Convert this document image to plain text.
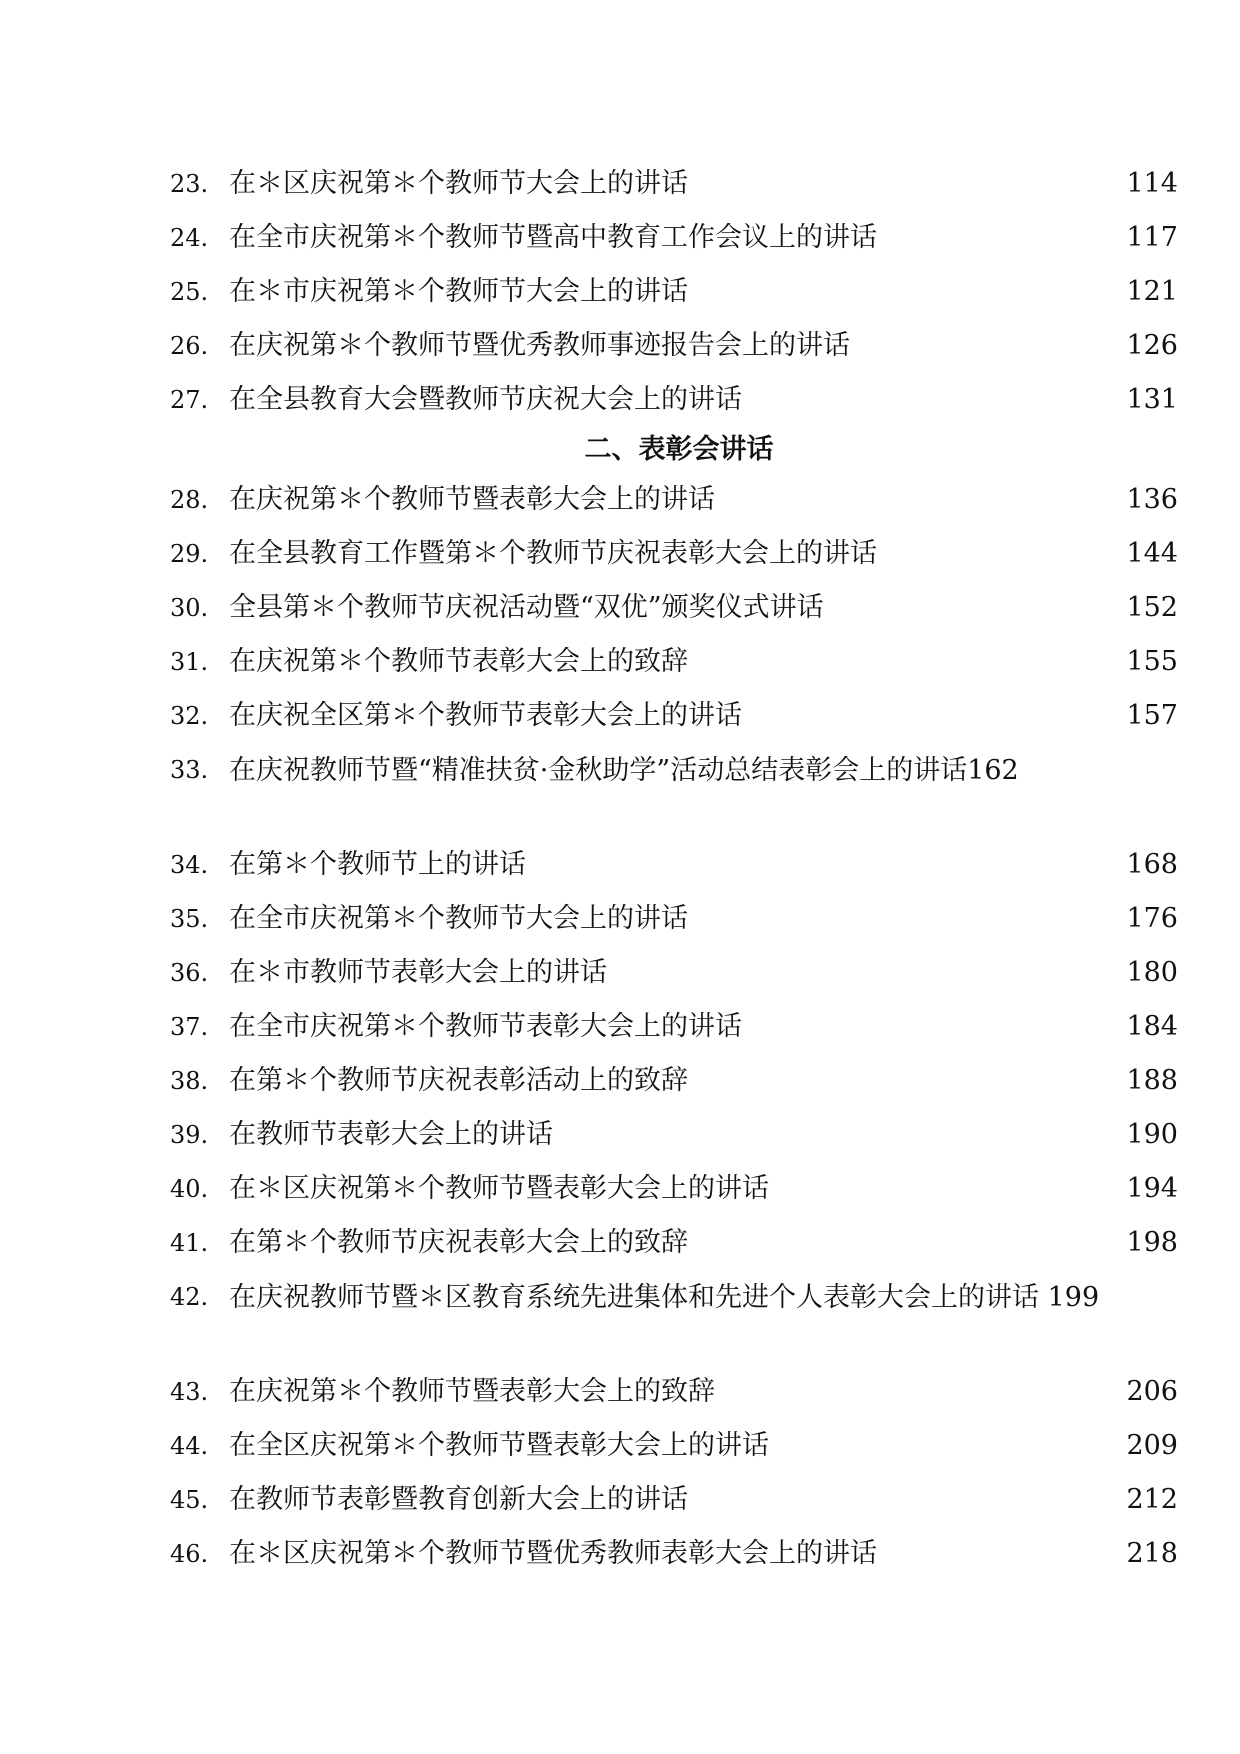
23. 在＊区庆祝第＊个教师节大会上的讲话	114
24. 在全市庆祝第＊个教师节暨高中教育工作会议上的讲话	117
25. 在＊市庆祝第＊个教师节大会上的讲话	121
26. 在庆祝第＊个教师节暨优秀教师事迹报告会上的讲话	126
27. 在全县教育大会暨教师节庆祝大会上的讲话	131
二、表彰会讲话
28. 在庆祝第＊个教师节暨表彰大会上的讲话	136
29. 在全县教育工作暨第＊个教师节庆祝表彰大会上的讲话	144
30. 全县第＊个教师节庆祝活动暨“双优”颁奖仪式讲话	152
31. 在庆祝第＊个教师节表彰大会上的致辞	155
32. 在庆祝全区第＊个教师节表彰大会上的讲话	157
33. 在庆祝教师节暨“精准扶贫·金秋助学”活动总结表彰会上的讲话162
34. 在第＊个教师节上的讲话	168
35. 在全市庆祝第＊个教师节大会上的讲话	176
36. 在＊市教师节表彰大会上的讲话	180
37. 在全市庆祝第＊个教师节表彰大会上的讲话	184
38. 在第＊个教师节庆祝表彰活动上的致辞	188
39. 在教师节表彰大会上的讲话	190
40. 在＊区庆祝第＊个教师节暨表彰大会上的讲话	194
41. 在第＊个教师节庆祝表彰大会上的致辞	198
42. 在庆祝教师节暨＊区教育系统先进集体和先进个人表彰大会上的讲话 199
43. 在庆祝第＊个教师节暨表彰大会上的致辞	206
44. 在全区庆祝第＊个教师节暨表彰大会上的讲话	209
45. 在教师节表彰暨教育创新大会上的讲话	212
46. 在＊区庆祝第＊个教师节暨优秀教师表彰大会上的讲话	218
